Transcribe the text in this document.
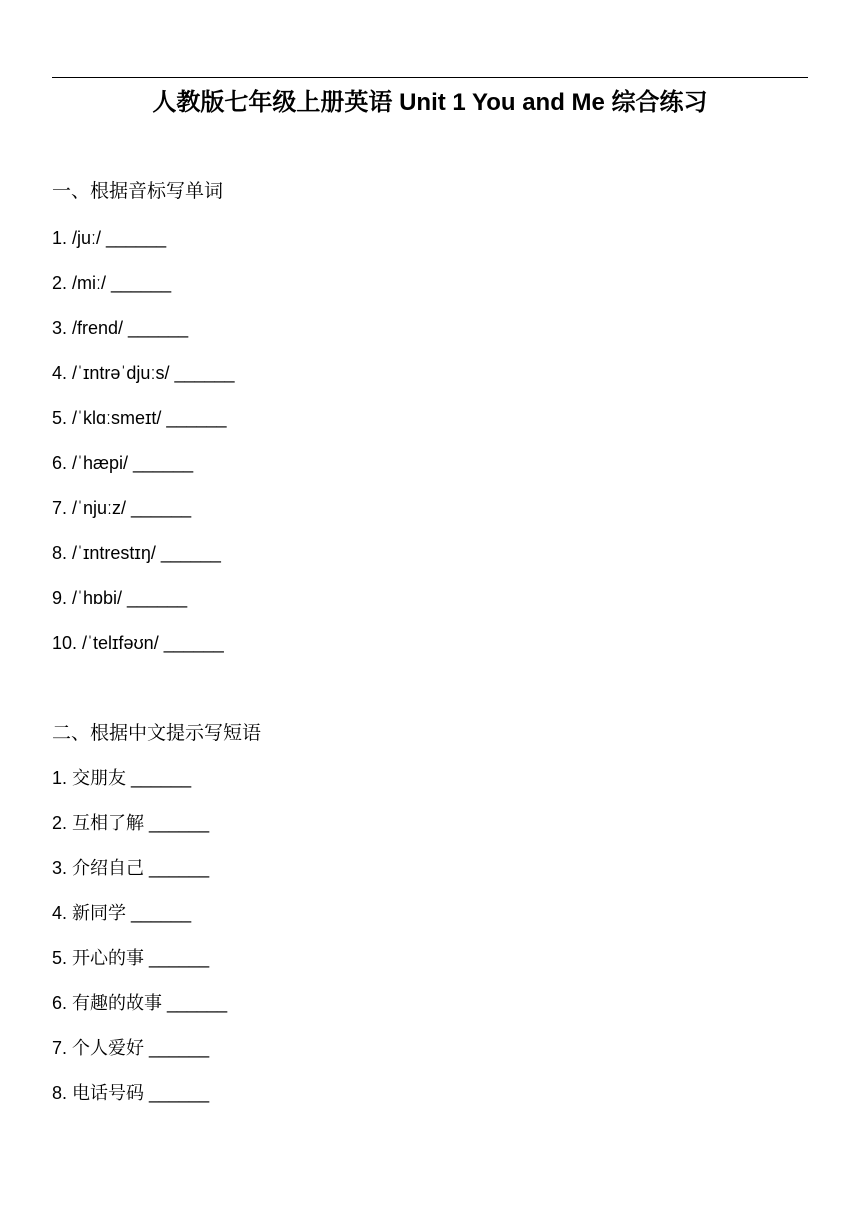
人教版七年级上册英语 Unit 1 You and Me 综合练习
一、根据音标写单词
1. /juː/ ______
2. /miː/ ______
3. /frend/ ______
4. /ˈɪntrəˈdjuːs/ ______
5. /ˈklɑːsmeɪt/ ______
6. /ˈhæpi/ ______
7. /ˈnjuːz/ ______
8. /ˈɪntrestɪŋ/ ______
9. /ˈhɒbi/ ______
10. /ˈtelɪfəʊn/ ______
二、根据中文提示写短语
1. 交朋友 ______
2. 互相了解 ______
3. 介绍自己 ______
4. 新同学 ______
5. 开心的事 ______
6. 有趣的故事 ______
7. 个人爱好 ______
8. 电话号码 ______
